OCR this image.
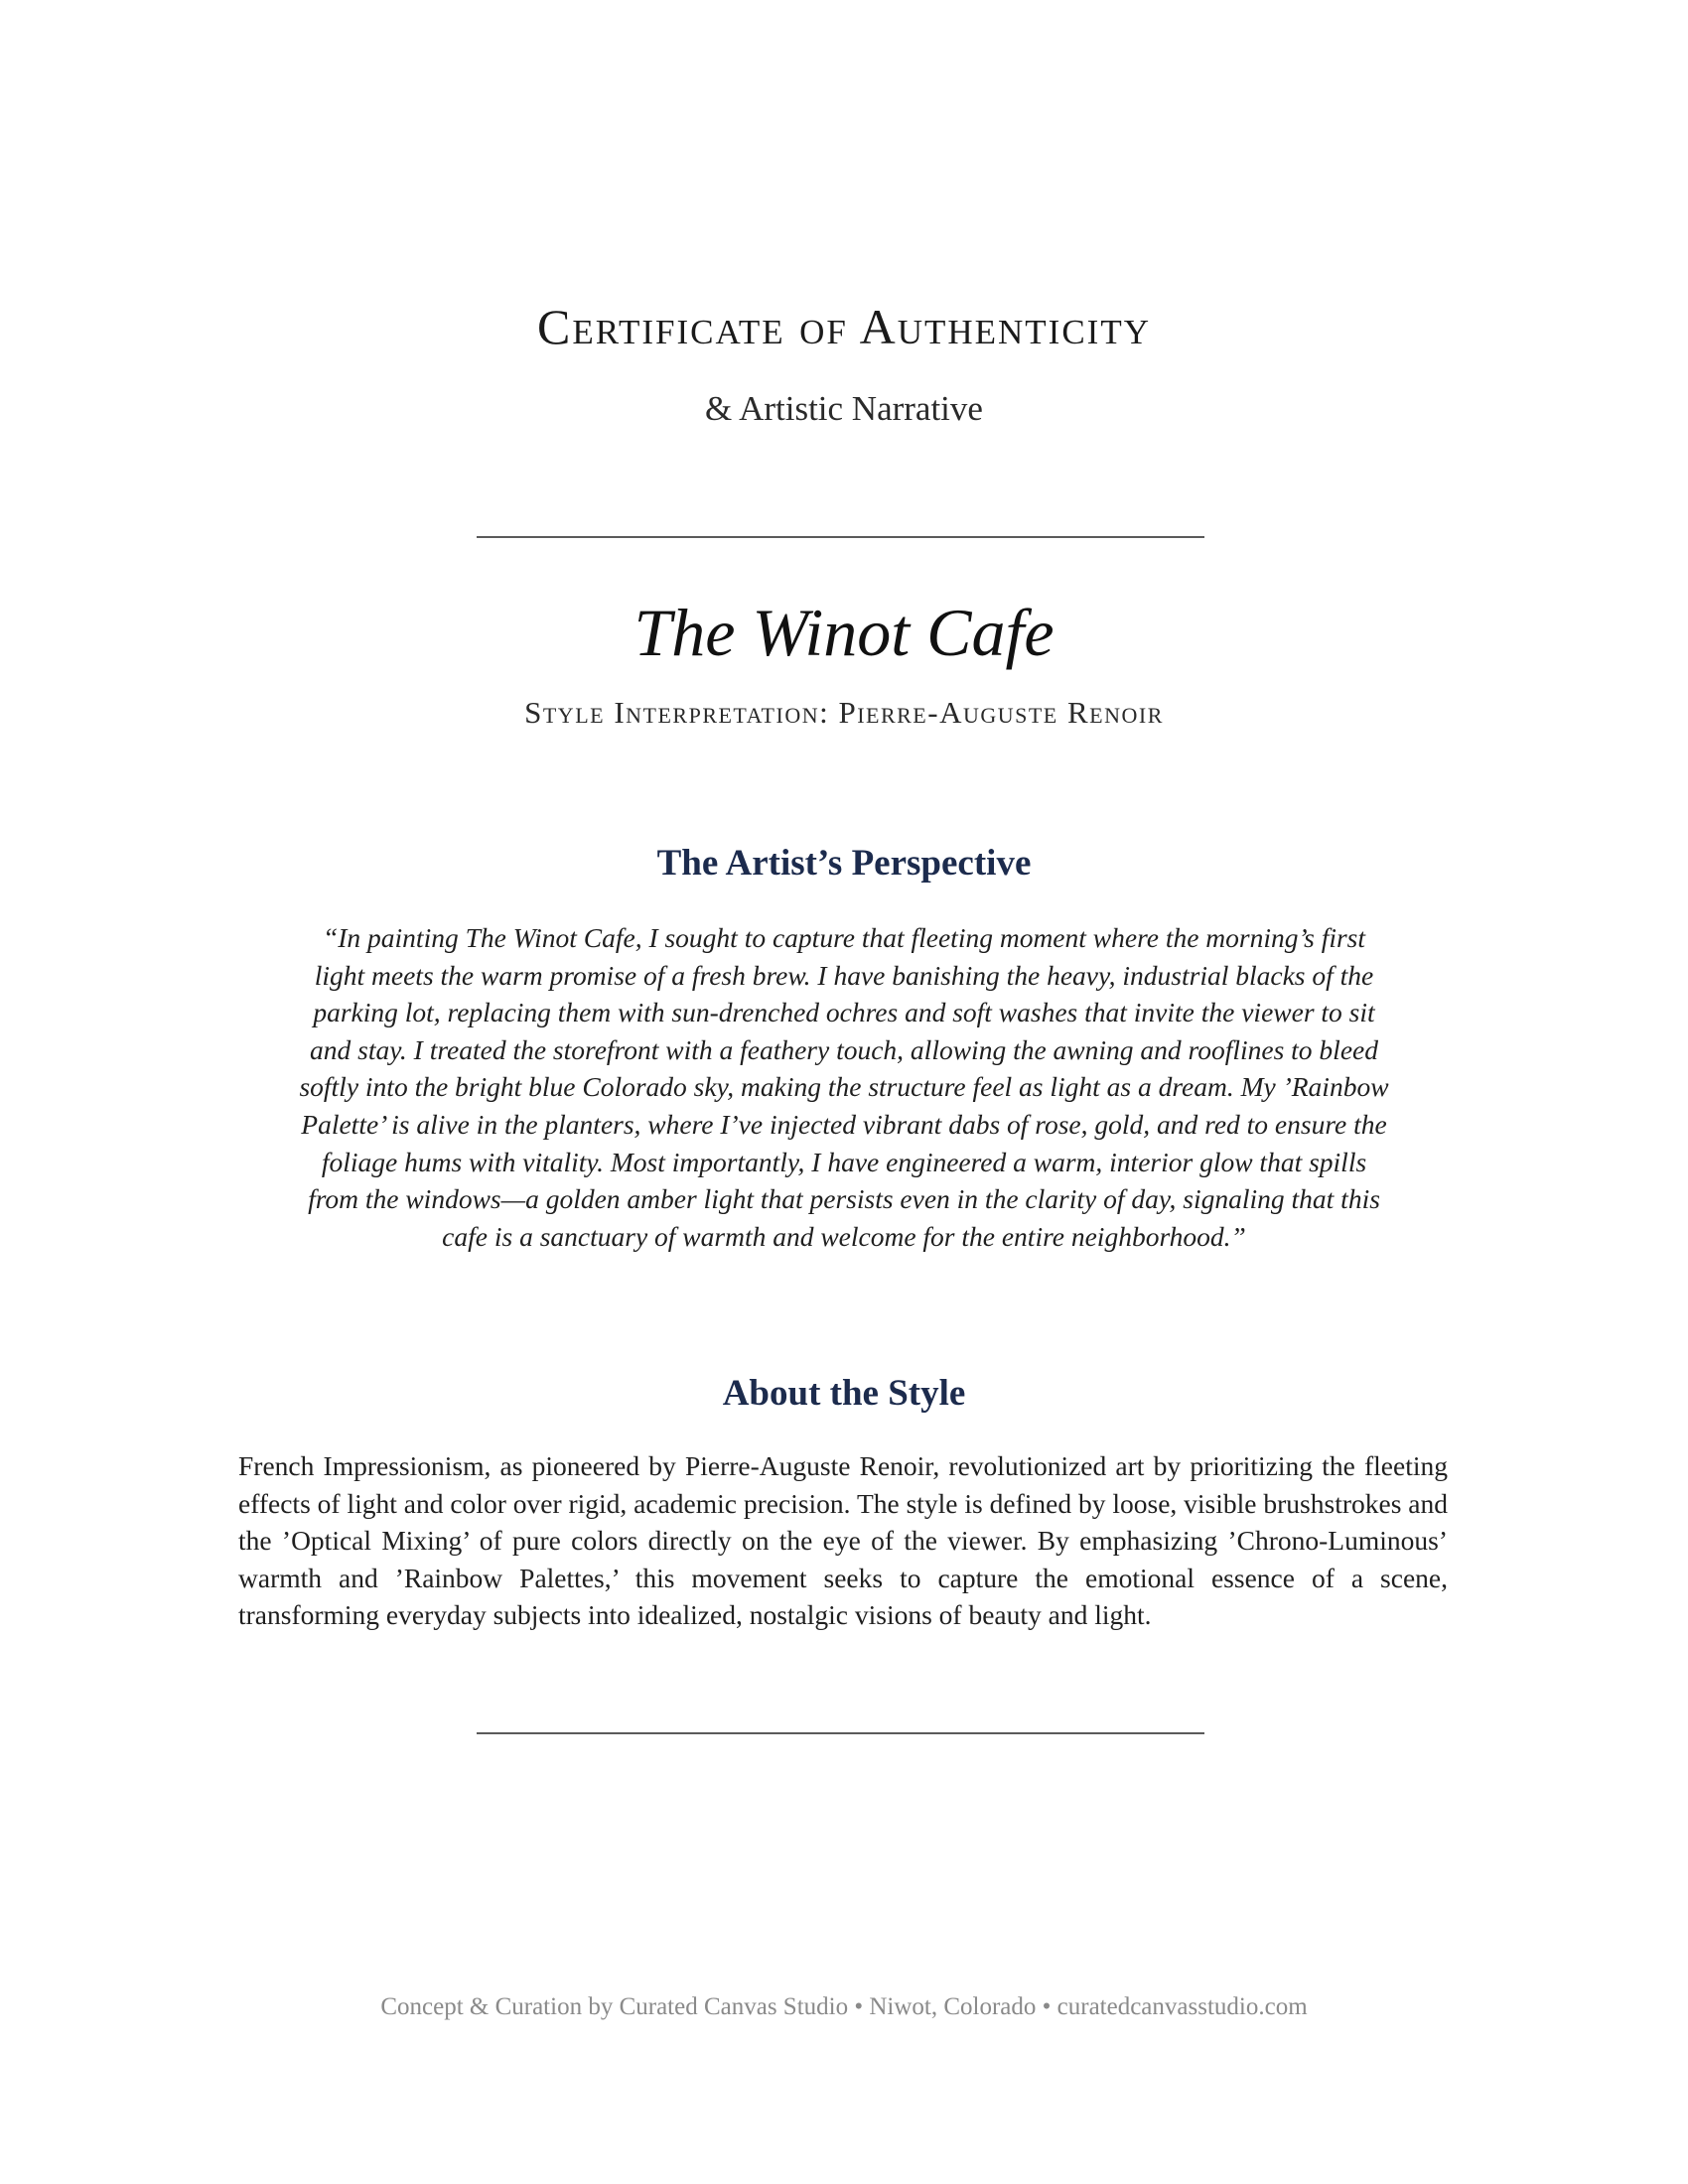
Certificate of Authenticity
& Artistic Narrative
The Winot Cafe
Style Interpretation: Pierre-Auguste Renoir
The Artist’s Perspective
“In painting The Winot Cafe, I sought to capture that fleeting moment where the morning’s first light meets the warm promise of a fresh brew. I have banishing the heavy, industrial blacks of the parking lot, replacing them with sun-drenched ochres and soft washes that invite the viewer to sit and stay. I treated the storefront with a feathery touch, allowing the awning and rooflines to bleed softly into the bright blue Colorado sky, making the structure feel as light as a dream. My ’Rainbow Palette’ is alive in the planters, where I’ve injected vibrant dabs of rose, gold, and red to ensure the foliage hums with vitality. Most importantly, I have engineered a warm, interior glow that spills from the windows—a golden amber light that persists even in the clarity of day, signaling that this cafe is a sanctuary of warmth and welcome for the entire neighborhood.”
About the Style
French Impressionism, as pioneered by Pierre-Auguste Renoir, revolutionized art by prioritizing the fleeting effects of light and color over rigid, academic precision. The style is defined by loose, visible brushstrokes and the ’Optical Mixing’ of pure colors directly on the eye of the viewer. By emphasizing ’Chrono-Luminous’ warmth and ’Rainbow Palettes,’ this movement seeks to capture the emotional essence of a scene, transforming everyday subjects into idealized, nostalgic visions of beauty and light.
Concept & Curation by Curated Canvas Studio • Niwot, Colorado • curatedcanvasstudio.com
